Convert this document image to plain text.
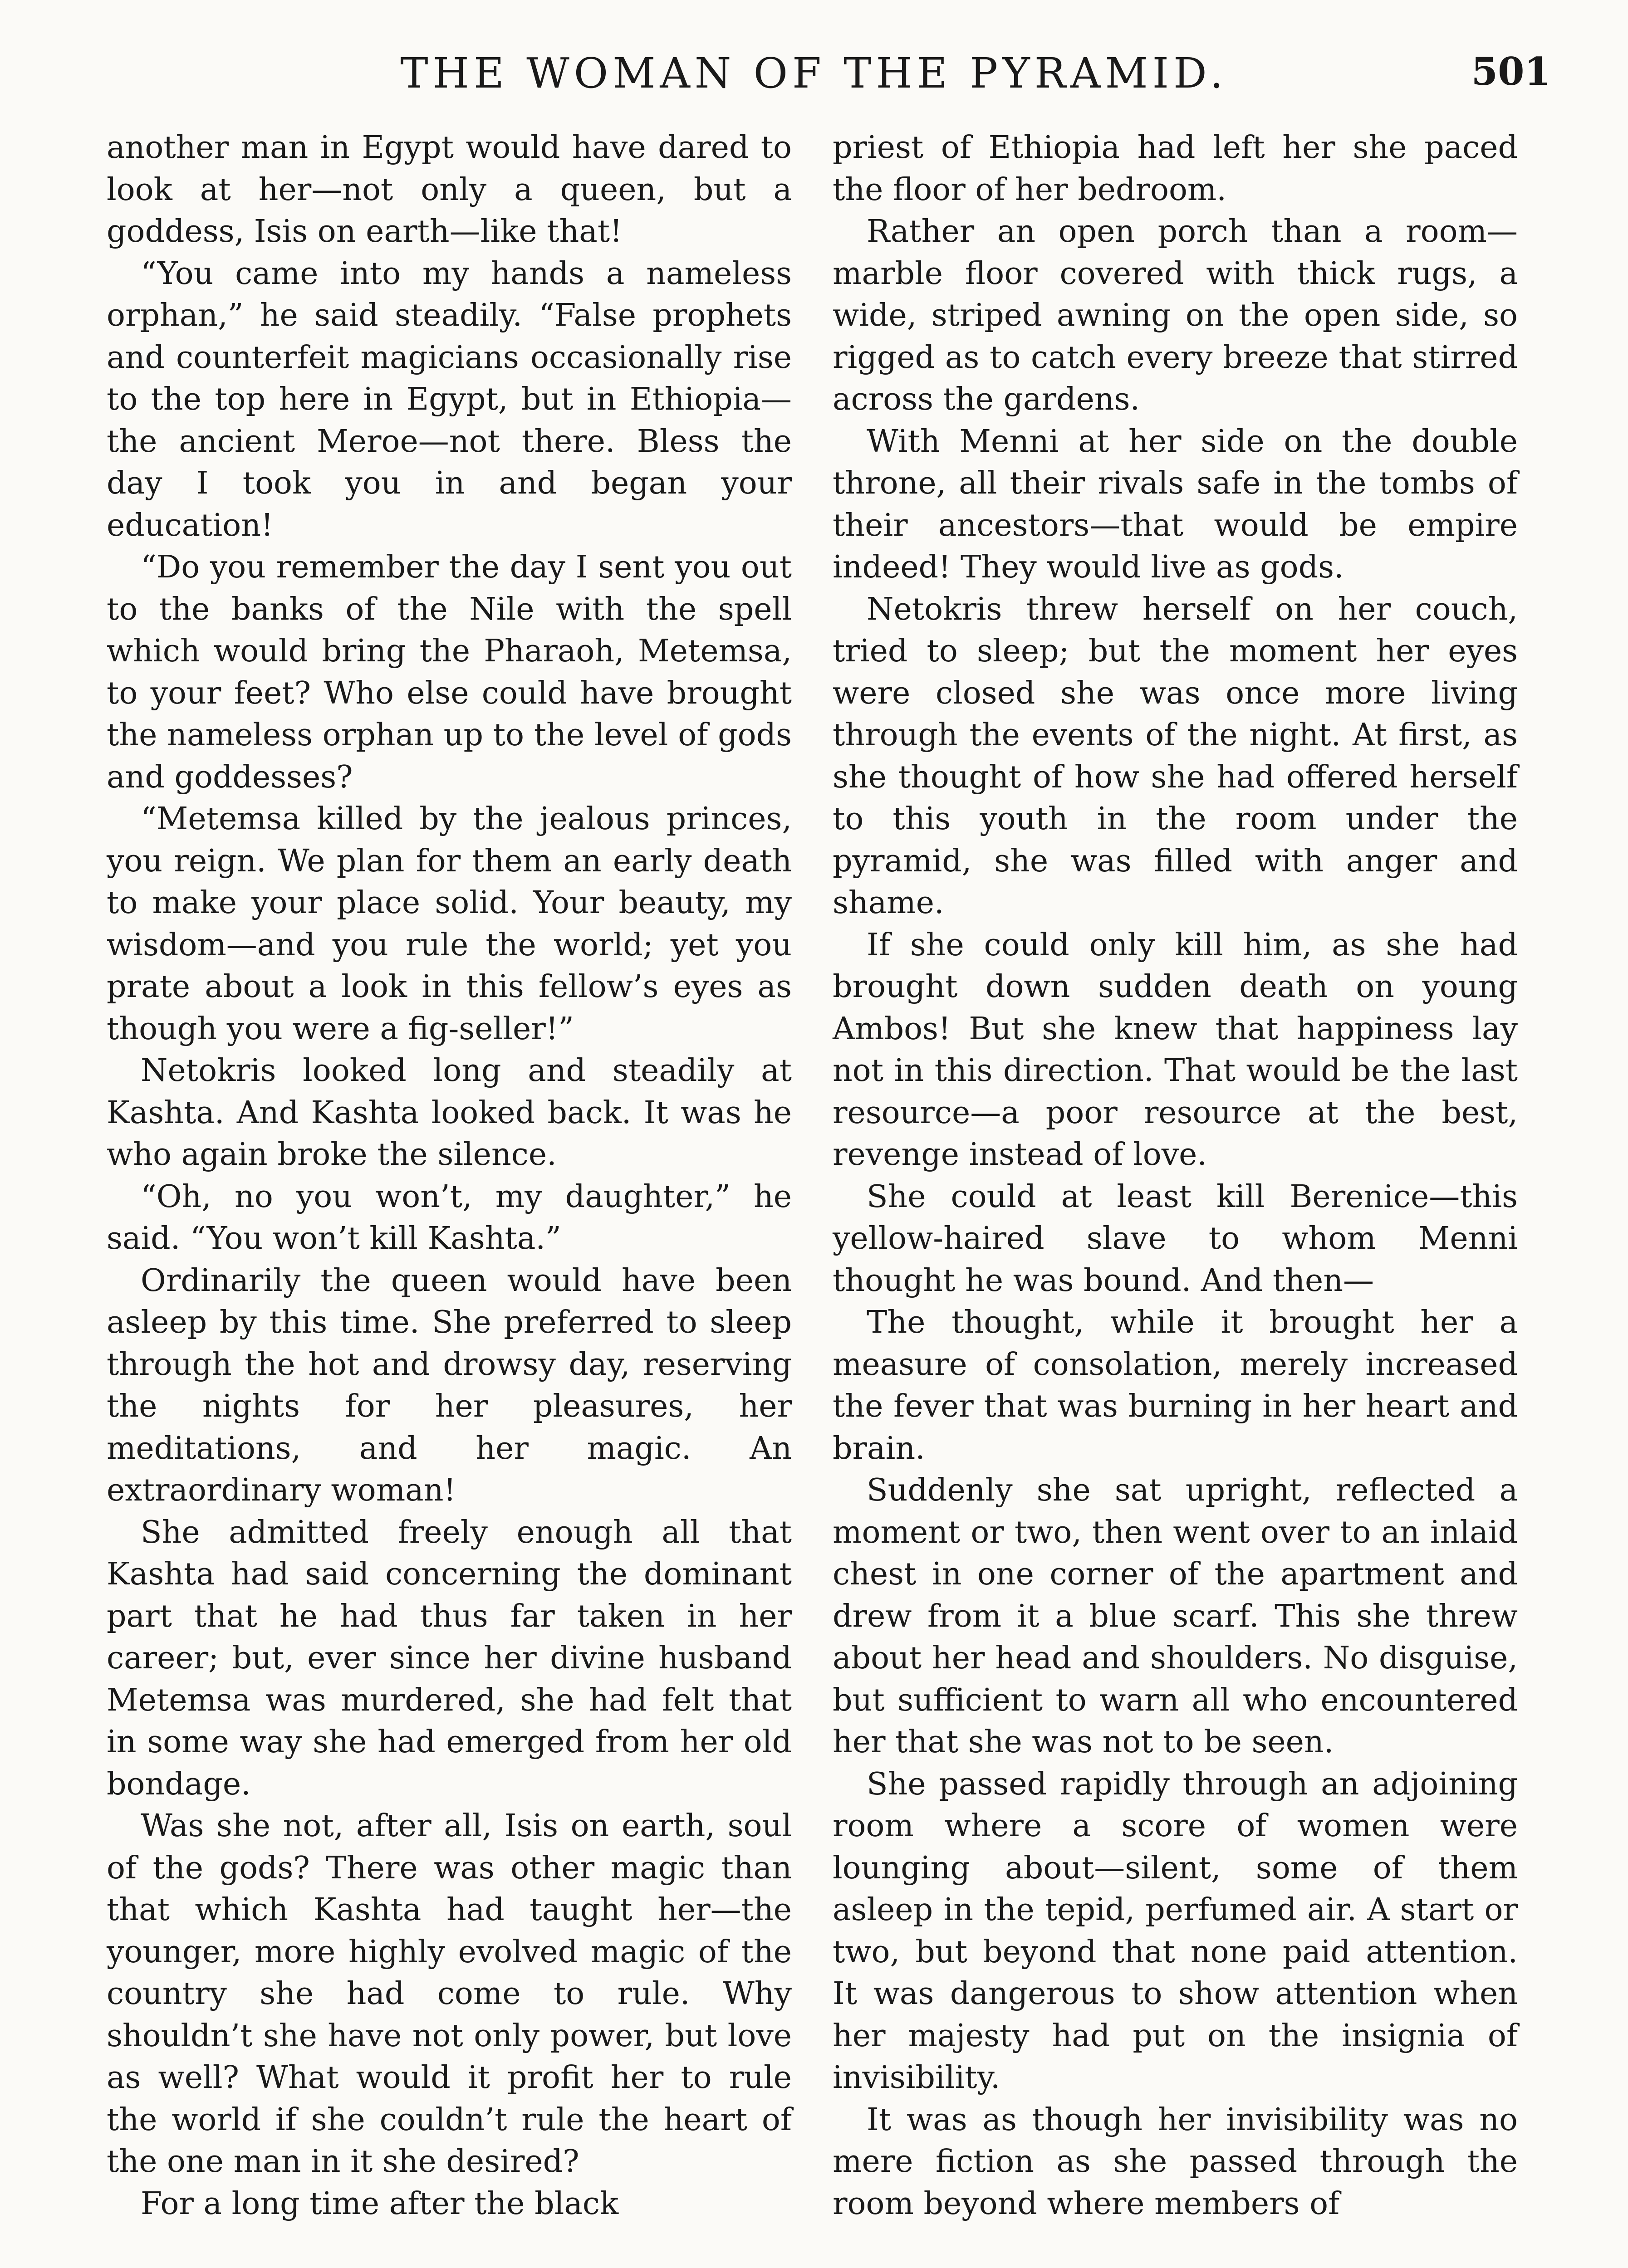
THE WOMAN OF THE PYRAMID.	501

another man in Egypt would have dared to look at her—not only a queen, but a goddess, Isis on earth—like that!

“You came into my hands a nameless orphan,” he said steadily. “False prophets and counterfeit magicians occasionally rise to the top here in Egypt, but in Ethiopia—the ancient Meroe—not there. Bless the day I took you in and began your education!

“Do you remember the day I sent you out to the banks of the Nile with the spell which would bring the Pharaoh, Metemsa, to your feet? Who else could have brought the nameless orphan up to the level of gods and goddesses?

“Metemsa killed by the jealous princes, you reign. We plan for them an early death to make your place solid. Your beauty, my wisdom—and you rule the world; yet you prate about a look in this fellow’s eyes as though you were a fig-seller!”

Netokris looked long and steadily at Kashta. And Kashta looked back. It was he who again broke the silence.

“Oh, no you won’t, my daughter,” he said. “You won’t kill Kashta.”

Ordinarily the queen would have been asleep by this time. She preferred to sleep through the hot and drowsy day, reserving the nights for her pleasures, her meditations, and her magic. An extraordinary woman!

She admitted freely enough all that Kashta had said concerning the dominant part that he had thus far taken in her career; but, ever since her divine husband Metemsa was murdered, she had felt that in some way she had emerged from her old bondage.

Was she not, after all, Isis on earth, soul of the gods? There was other magic than that which Kashta had taught her—the younger, more highly evolved magic of the country she had come to rule. Why shouldn’t she have not only power, but love as well? What would it profit her to rule the world if she couldn’t rule the heart of the one man in it she desired?

For a long time after the black

priest of Ethiopia had left her she paced the floor of her bedroom.

Rather an open porch than a room—marble floor covered with thick rugs, a wide, striped awning on the open side, so rigged as to catch every breeze that stirred across the gardens.

With Menni at her side on the double throne, all their rivals safe in the tombs of their ancestors—that would be empire indeed! They would live as gods.

Netokris threw herself on her couch, tried to sleep; but the moment her eyes were closed she was once more living through the events of the night. At first, as she thought of how she had offered herself to this youth in the room under the pyramid, she was filled with anger and shame.

If she could only kill him, as she had brought down sudden death on young Ambos! But she knew that happiness lay not in this direction. That would be the last resource—a poor resource at the best, revenge instead of love.

She could at least kill Berenice—this yellow-haired slave to whom Menni thought he was bound. And then—

The thought, while it brought her a measure of consolation, merely increased the fever that was burning in her heart and brain.

Suddenly she sat upright, reflected a moment or two, then went over to an inlaid chest in one corner of the apartment and drew from it a blue scarf. This she threw about her head and shoulders. No disguise, but sufficient to warn all who encountered her that she was not to be seen.

She passed rapidly through an adjoining room where a score of women were lounging about—silent, some of them asleep in the tepid, perfumed air. A start or two, but beyond that none paid attention. It was dangerous to show attention when her majesty had put on the insignia of invisibility.

It was as though her invisibility was no mere fiction as she passed through the room beyond where members of
